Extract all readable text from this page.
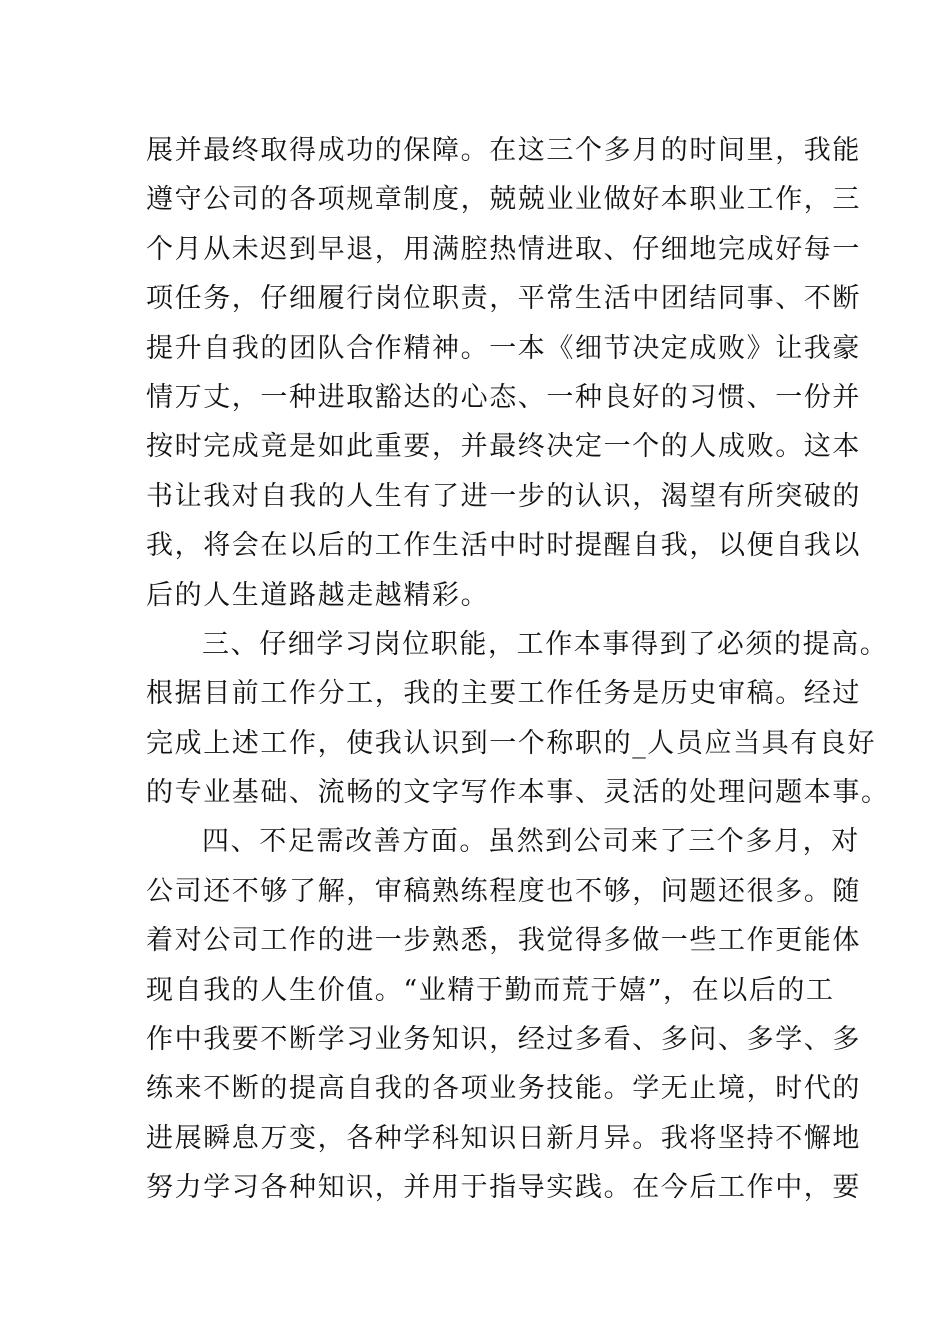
展并最终取得成功的保障。在这三个多月的时间里，我能
遵守公司的各项规章制度，兢兢业业做好本职业工作，三
个月从未迟到早退，用满腔热情进取、仔细地完成好每一
项任务，仔细履行岗位职责，平常生活中团结同事、不断
提升自我的团队合作精神。一本《细节决定成败》让我豪
情万丈，一种进取豁达的心态、一种良好的习惯、一份并
按时完成竟是如此重要，并最终决定一个的人成败。这本
书让我对自我的人生有了进一步的认识，渴望有所突破的
我，将会在以后的工作生活中时时提醒自我，以便自我以
后的人生道路越走越精彩。
三、仔细学习岗位职能，工作本事得到了必须的提高。
根据目前工作分工，我的主要工作任务是历史审稿。经过
完成上述工作，使我认识到一个称职的_人员应当具有良好
的专业基础、流畅的文字写作本事、灵活的处理问题本事。
四、不足需改善方面。虽然到公司来了三个多月，对
公司还不够了解，审稿熟练程度也不够，问题还很多。随
着对公司工作的进一步熟悉，我觉得多做一些工作更能体
现自我的人生价值。“业精于勤而荒于嬉”，在以后的工
作中我要不断学习业务知识，经过多看、多问、多学、多
练来不断的提高自我的各项业务技能。学无止境，时代的
进展瞬息万变，各种学科知识日新月异。我将坚持不懈地
努力学习各种知识，并用于指导实践。在今后工作中，要
